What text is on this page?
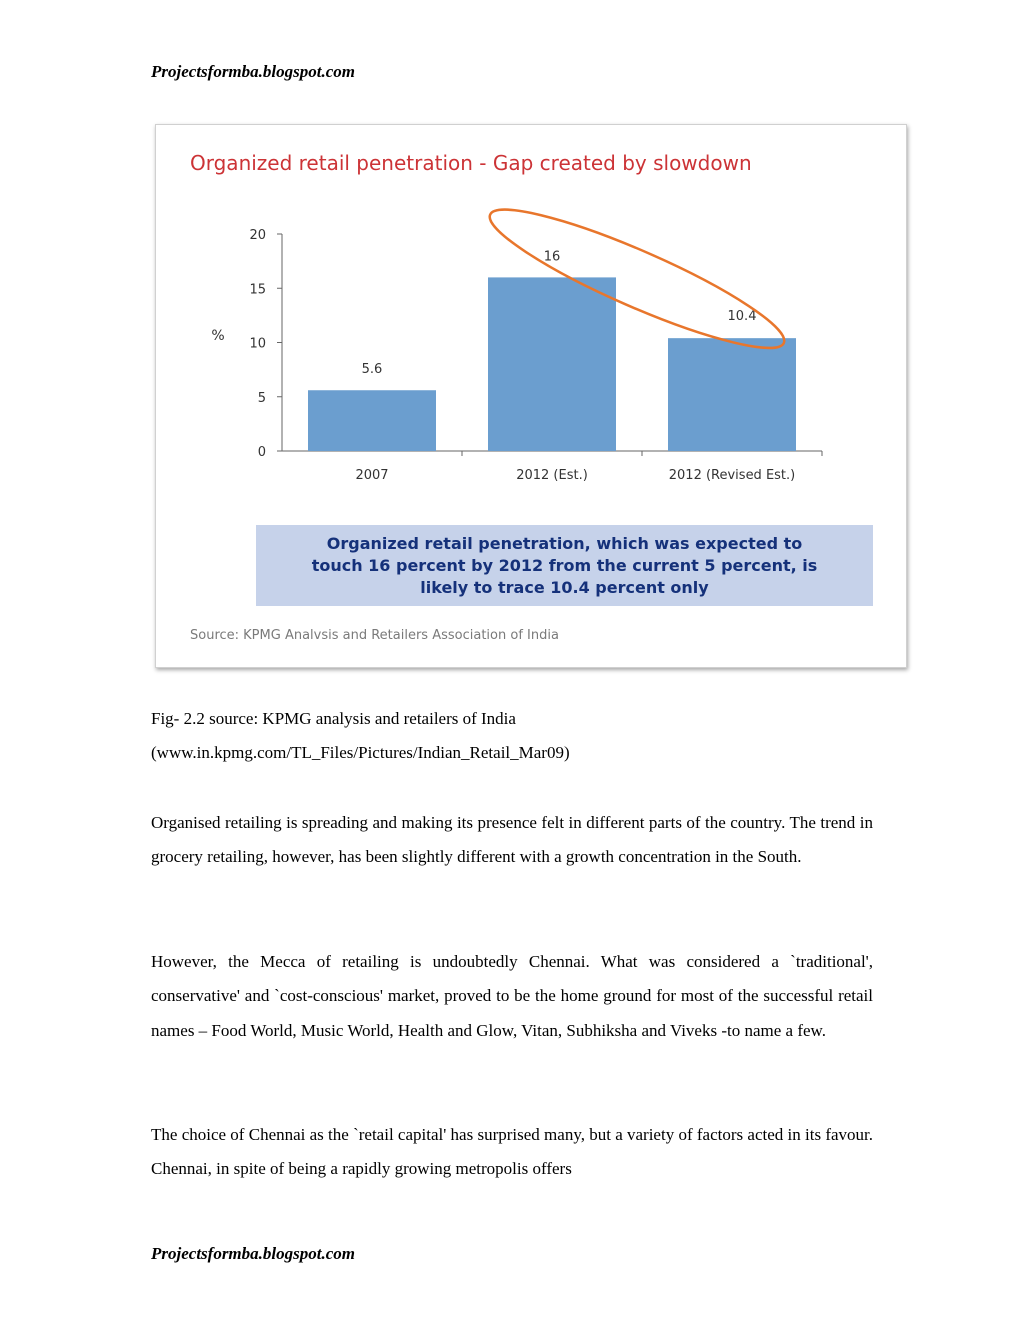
Projectsformba.blogspot.com
Organized retail penetration - Gap created by slowdown
0
5
10
15
20
%
2007	2012 (Est.)	2012 (Revised Est.)
5.6
16
10.4
Organized retail penetration, which was expected to touch 16 percent by 2012 from the current 5 percent, is likely to trace 10.4 percent only
Source: KPMG Analvsis and Retailers Association of India
Fig- 2.2 source: KPMG analysis and retailers of India
(www.in.kpmg.com/TL_Files/Pictures/Indian_Retail_Mar09)

Organised retailing is spreading and making its presence felt in different parts of the country. The trend in grocery retailing, however, has been slightly different with a growth concentration in the South.

However, the Mecca of retailing is undoubtedly Chennai. What was considered a `traditional', conservative' and `cost-conscious' market, proved to be the home ground for most of the successful retail names – Food World, Music World, Health and Glow, Vitan, Subhiksha and Viveks -to name a few.

The choice of Chennai as the `retail capital' has surprised many, but a variety of factors acted in its favour. Chennai, in spite of being a rapidly growing metropolis offers

Projectsformba.blogspot.com
